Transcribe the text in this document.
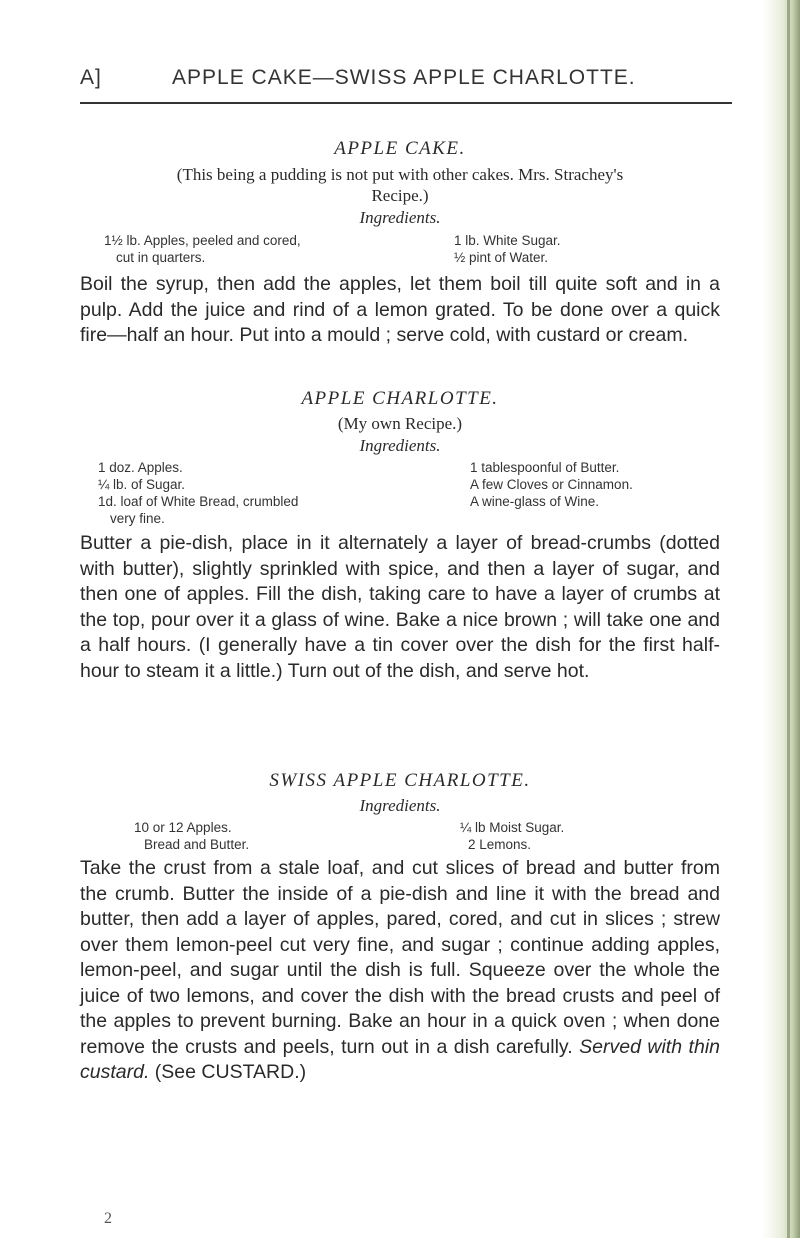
A]	APPLE CAKE—SWISS APPLE CHARLOTTE.
APPLE CAKE.
(This being a pudding is not put with other cakes. Mrs. Strachey's
Recipe.)
Ingredients.
1½ lb. Apples, peeled and cored,
cut in quarters.
1 lb. White Sugar.
½ pint of Water.
Boil the syrup, then add the apples, let them boil till quite soft and in a pulp. Add the juice and rind of a lemon grated. To be done over a quick fire—half an hour. Put into a mould ; serve cold, with custard or cream.
APPLE CHARLOTTE.
(My own Recipe.)
Ingredients.
1 doz. Apples.
¼ lb. of Sugar.
1d. loaf of White Bread, crumbled
very fine.
1 tablespoonful of Butter.
A few Cloves or Cinnamon.
A wine-glass of Wine.
Butter a pie-dish, place in it alternately a layer of bread-crumbs (dotted with butter), slightly sprinkled with spice, and then a layer of sugar, and then one of apples. Fill the dish, taking care to have a layer of crumbs at the top, pour over it a glass of wine. Bake a nice brown ; will take one and a half hours. (I generally have a tin cover over the dish for the first half-hour to steam it a little.) Turn out of the dish, and serve hot.
SWISS APPLE CHARLOTTE.
Ingredients.
10 or 12 Apples.
Bread and Butter.
¼ lb Moist Sugar.
2 Lemons.
Take the crust from a stale loaf, and cut slices of bread and butter from the crumb. Butter the inside of a pie-dish and line it with the bread and butter, then add a layer of apples, pared, cored, and cut in slices ; strew over them lemon-peel cut very fine, and sugar ; continue adding apples, lemon-peel, and sugar until the dish is full. Squeeze over the whole the juice of two lemons, and cover the dish with the bread crusts and peel of the apples to prevent burning. Bake an hour in a quick oven ; when done remove the crusts and peels, turn out in a dish carefully. Served with thin custard. (See CUSTARD.)
2
